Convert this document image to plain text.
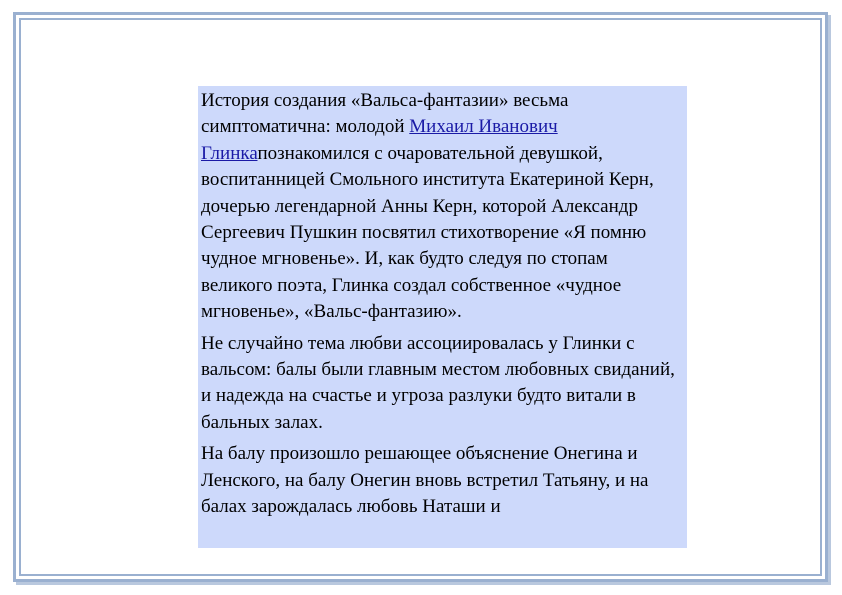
История создания «Вальса-фантазии» весьма симптоматична: молодой Михаил Иванович Глинкапознакомился с очаровательной девушкой, воспитанницей Смольного института Екатериной Керн, дочерью легендарной Анны Керн, которой Александр Сергеевич Пушкин посвятил стихотворение «Я помню чудное мгновенье». И, как будто следуя по стопам великого поэта, Глинка создал собственное «чудное мгновенье», «Вальс-фантазию».

Не случайно тема любви ассоциировалась у Глинки с вальсом: балы были главным местом любовных свиданий, и надежда на счастье и угроза разлуки будто витали в бальных залах.

На балу произошло решающее объяснение Онегина и Ленского, на балу Онегин вновь встретил Татьяну, и на балах зарождалась любовь Наташи и
